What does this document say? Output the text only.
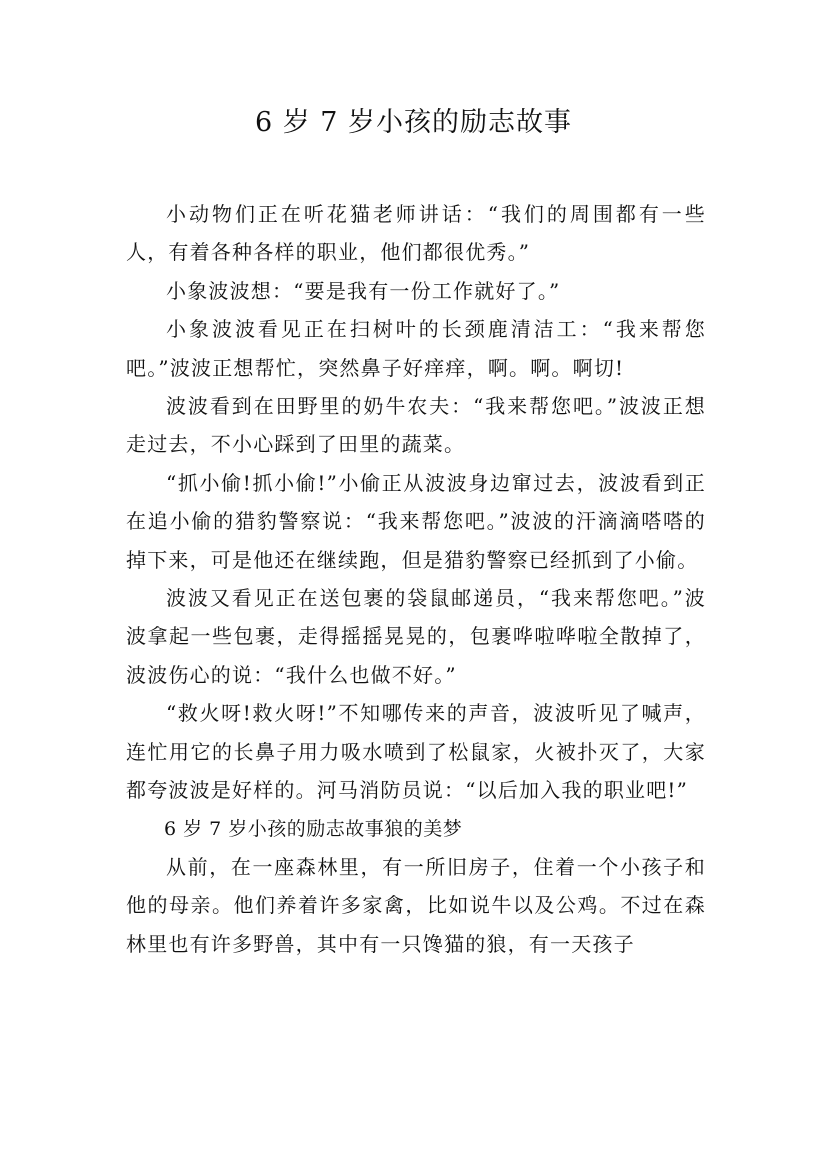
6 岁 7 岁小孩的励志故事

小动物们正在听花猫老师讲话：“我们的周围都有一些人，有着各种各样的职业，他们都很优秀。”

小象波波想：“要是我有一份工作就好了。”

小象波波看见正在扫树叶的长颈鹿清洁工：“我来帮您吧。”波波正想帮忙，突然鼻子好痒痒，啊。啊。啊切!

波波看到在田野里的奶牛农夫：“我来帮您吧。”波波正想走过去，不小心踩到了田里的蔬菜。

“抓小偷!抓小偷!”小偷正从波波身边窜过去，波波看到正在追小偷的猎豹警察说：“我来帮您吧。”波波的汗滴滴嗒嗒的掉下来，可是他还在继续跑，但是猎豹警察已经抓到了小偷。

波波又看见正在送包裹的袋鼠邮递员，“我来帮您吧。”波波拿起一些包裹，走得摇摇晃晃的，包裹哗啦哗啦全散掉了，波波伤心的说：“我什么也做不好。”

“救火呀!救火呀!”不知哪传来的声音，波波听见了喊声，连忙用它的长鼻子用力吸水喷到了松鼠家，火被扑灭了，大家都夸波波是好样的。河马消防员说：“以后加入我的职业吧!”

6 岁 7 岁小孩的励志故事狼的美梦

从前，在一座森林里，有一所旧房子，住着一个小孩子和他的母亲。他们养着许多家禽，比如说牛以及公鸡。不过在森林里也有许多野兽，其中有一只馋猫的狼，有一天孩子
